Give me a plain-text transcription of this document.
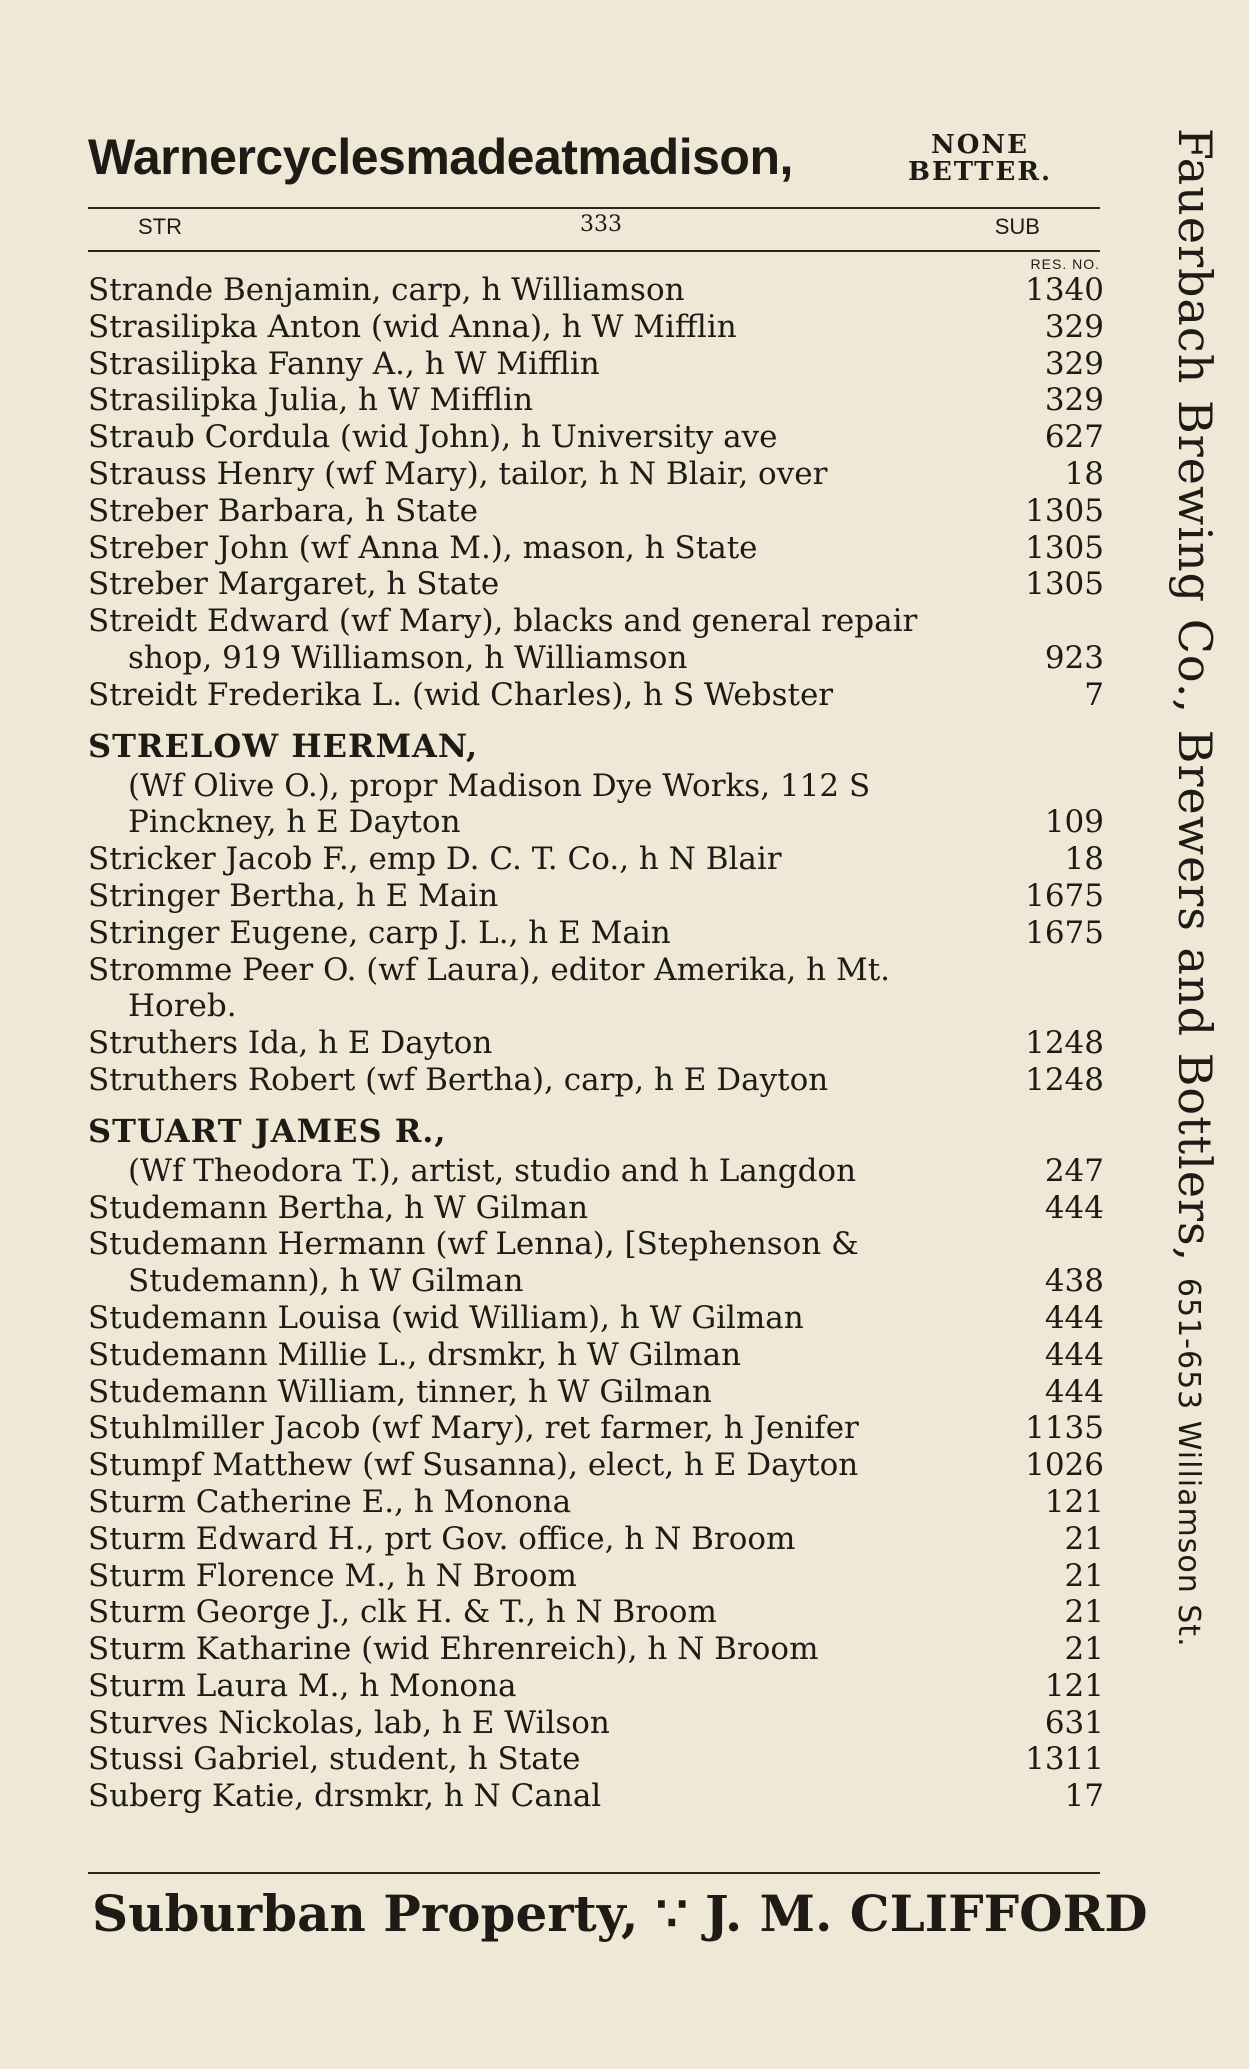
Warnercyclesmadeatmadison,	NONE
BETTER.
STR	333	SUB
RES. NO.
Strande Benjamin, carp, h Williamson	1340
Strasilipka Anton (wid Anna), h W Mifflin	329
Strasilipka Fanny A., h W Mifflin	329
Strasilipka Julia, h W Mifflin	329
Straub Cordula (wid John), h University ave	627
Strauss Henry (wf Mary), tailor, h N Blair, over	18
Streber Barbara, h State	1305
Streber John (wf Anna M.), mason, h State	1305
Streber Margaret, h State	1305
Streidt Edward (wf Mary), blacks and general repair
shop, 919 Williamson, h Williamson	923
Streidt Frederika L. (wid Charles), h S Webster	7
STRELOW HERMAN,
(Wf Olive O.), propr Madison Dye Works, 112 S
Pinckney, h E Dayton	109
Stricker Jacob F., emp D. C. T. Co., h N Blair	18
Stringer Bertha, h E Main	1675
Stringer Eugene, carp J. L., h E Main	1675
Stromme Peer O. (wf Laura), editor Amerika, h Mt.
Horeb.
Struthers Ida, h E Dayton	1248
Struthers Robert (wf Bertha), carp, h E Dayton	1248
STUART JAMES R.,
(Wf Theodora T.), artist, studio and h Langdon	247
Studemann Bertha, h W Gilman	444
Studemann Hermann (wf Lenna), [Stephenson &
Studemann), h W Gilman	438
Studemann Louisa (wid William), h W Gilman	444
Studemann Millie L., drsmkr, h W Gilman	444
Studemann William, tinner, h W Gilman	444
Stuhlmiller Jacob (wf Mary), ret farmer, h Jenifer	1135
Stumpf Matthew (wf Susanna), elect, h E Dayton	1026
Sturm Catherine E., h Monona	121
Sturm Edward H., prt Gov. office, h N Broom	21
Sturm Florence M., h N Broom	21
Sturm George J., clk H. & T., h N Broom	21
Sturm Katharine (wid Ehrenreich), h N Broom	21
Sturm Laura M., h Monona	121
Sturves Nickolas, lab, h E Wilson	631
Stussi Gabriel, student, h State	1311
Suberg Katie, drsmkr, h N Canal	17
Suburban Property, ∵ J. M. CLIFFORD
Fauerbach Brewing Co., Brewers and Bottlers, 651-653 Williamson St.
